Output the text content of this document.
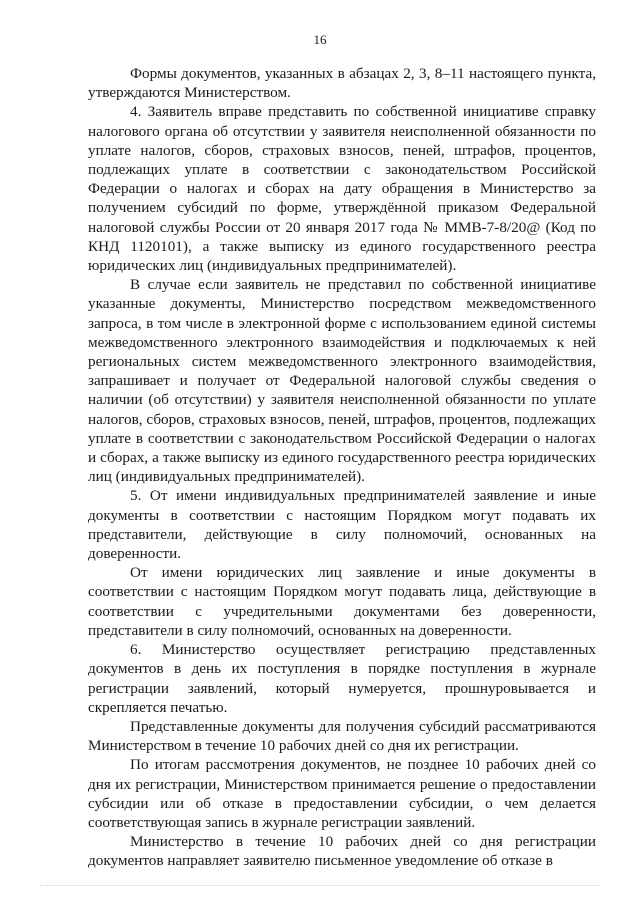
16

Формы документов, указанных в абзацах 2, 3, 8–11 настоящего пункта, утверждаются Министерством.

4. Заявитель вправе представить по собственной инициативе справку налогового органа об отсутствии у заявителя неисполненной обязанности по уплате налогов, сборов, страховых взносов, пеней, штрафов, процентов, подлежащих уплате в соответствии с законодательством Российской Федерации о налогах и сборах на дату обращения в Министерство за получением субсидий по форме, утверждённой приказом Федеральной налоговой службы России от 20 января 2017 года № ММВ-7-8/20@ (Код по КНД 1120101), а также выписку из единого государственного реестра юридических лиц (индивидуальных предпринимателей).

В случае если заявитель не представил по собственной инициативе указанные документы, Министерство посредством межведомственного запроса, в том числе в электронной форме с использованием единой системы межведомственного электронного взаимодействия и подключаемых к ней региональных систем межведомственного электронного взаимодействия, запрашивает и получает от Федеральной налоговой службы сведения о наличии (об отсутствии) у заявителя неисполненной обязанности по уплате налогов, сборов, страховых взносов, пеней, штрафов, процентов, подлежащих уплате в соответствии с законодательством Российской Федерации о налогах и сборах, а также выписку из единого государственного реестра юридических лиц (индивидуальных предпринимателей).

5. От имени индивидуальных предпринимателей заявление и иные документы в соответствии с настоящим Порядком могут подавать их представители, действующие в силу полномочий, основанных на доверенности.

От имени юридических лиц заявление и иные документы в соответствии с настоящим Порядком могут подавать лица, действующие в соответствии с учредительными документами без доверенности, представители в силу полномочий, основанных на доверенности.

6. Министерство осуществляет регистрацию представленных документов в день их поступления в порядке поступления в журнале регистрации заявлений, который нумеруется, прошнуровывается и скрепляется печатью.

Представленные документы для получения субсидий рассматриваются Министерством в течение 10 рабочих дней со дня их регистрации.

По итогам рассмотрения документов, не позднее 10 рабочих дней со дня их регистрации, Министерством принимается решение о предоставлении субсидии или об отказе в предоставлении субсидии, о чем делается соответствующая запись в журнале регистрации заявлений.

Министерство в течение 10 рабочих дней со дня регистрации документов направляет заявителю письменное уведомление об отказе в
